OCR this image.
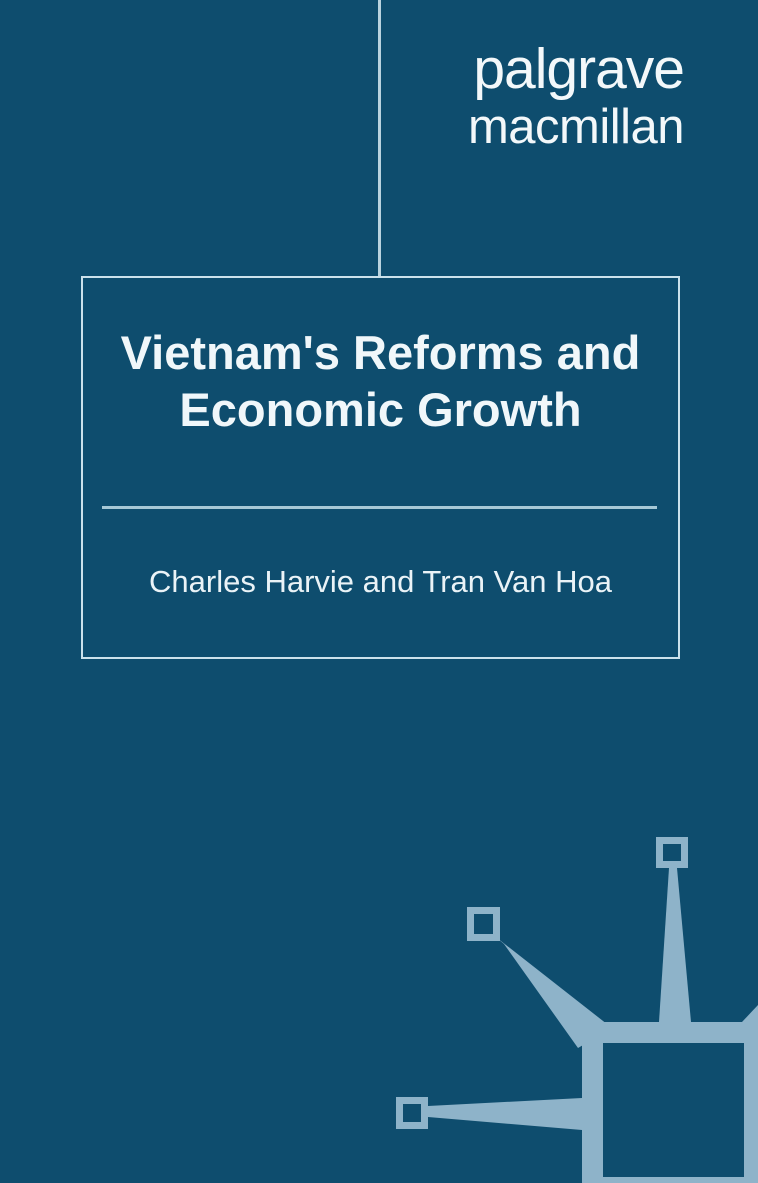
palgrave
macmillan
Vietnam's Reforms and
Economic Growth
Charles Harvie and Tran Van Hoa
